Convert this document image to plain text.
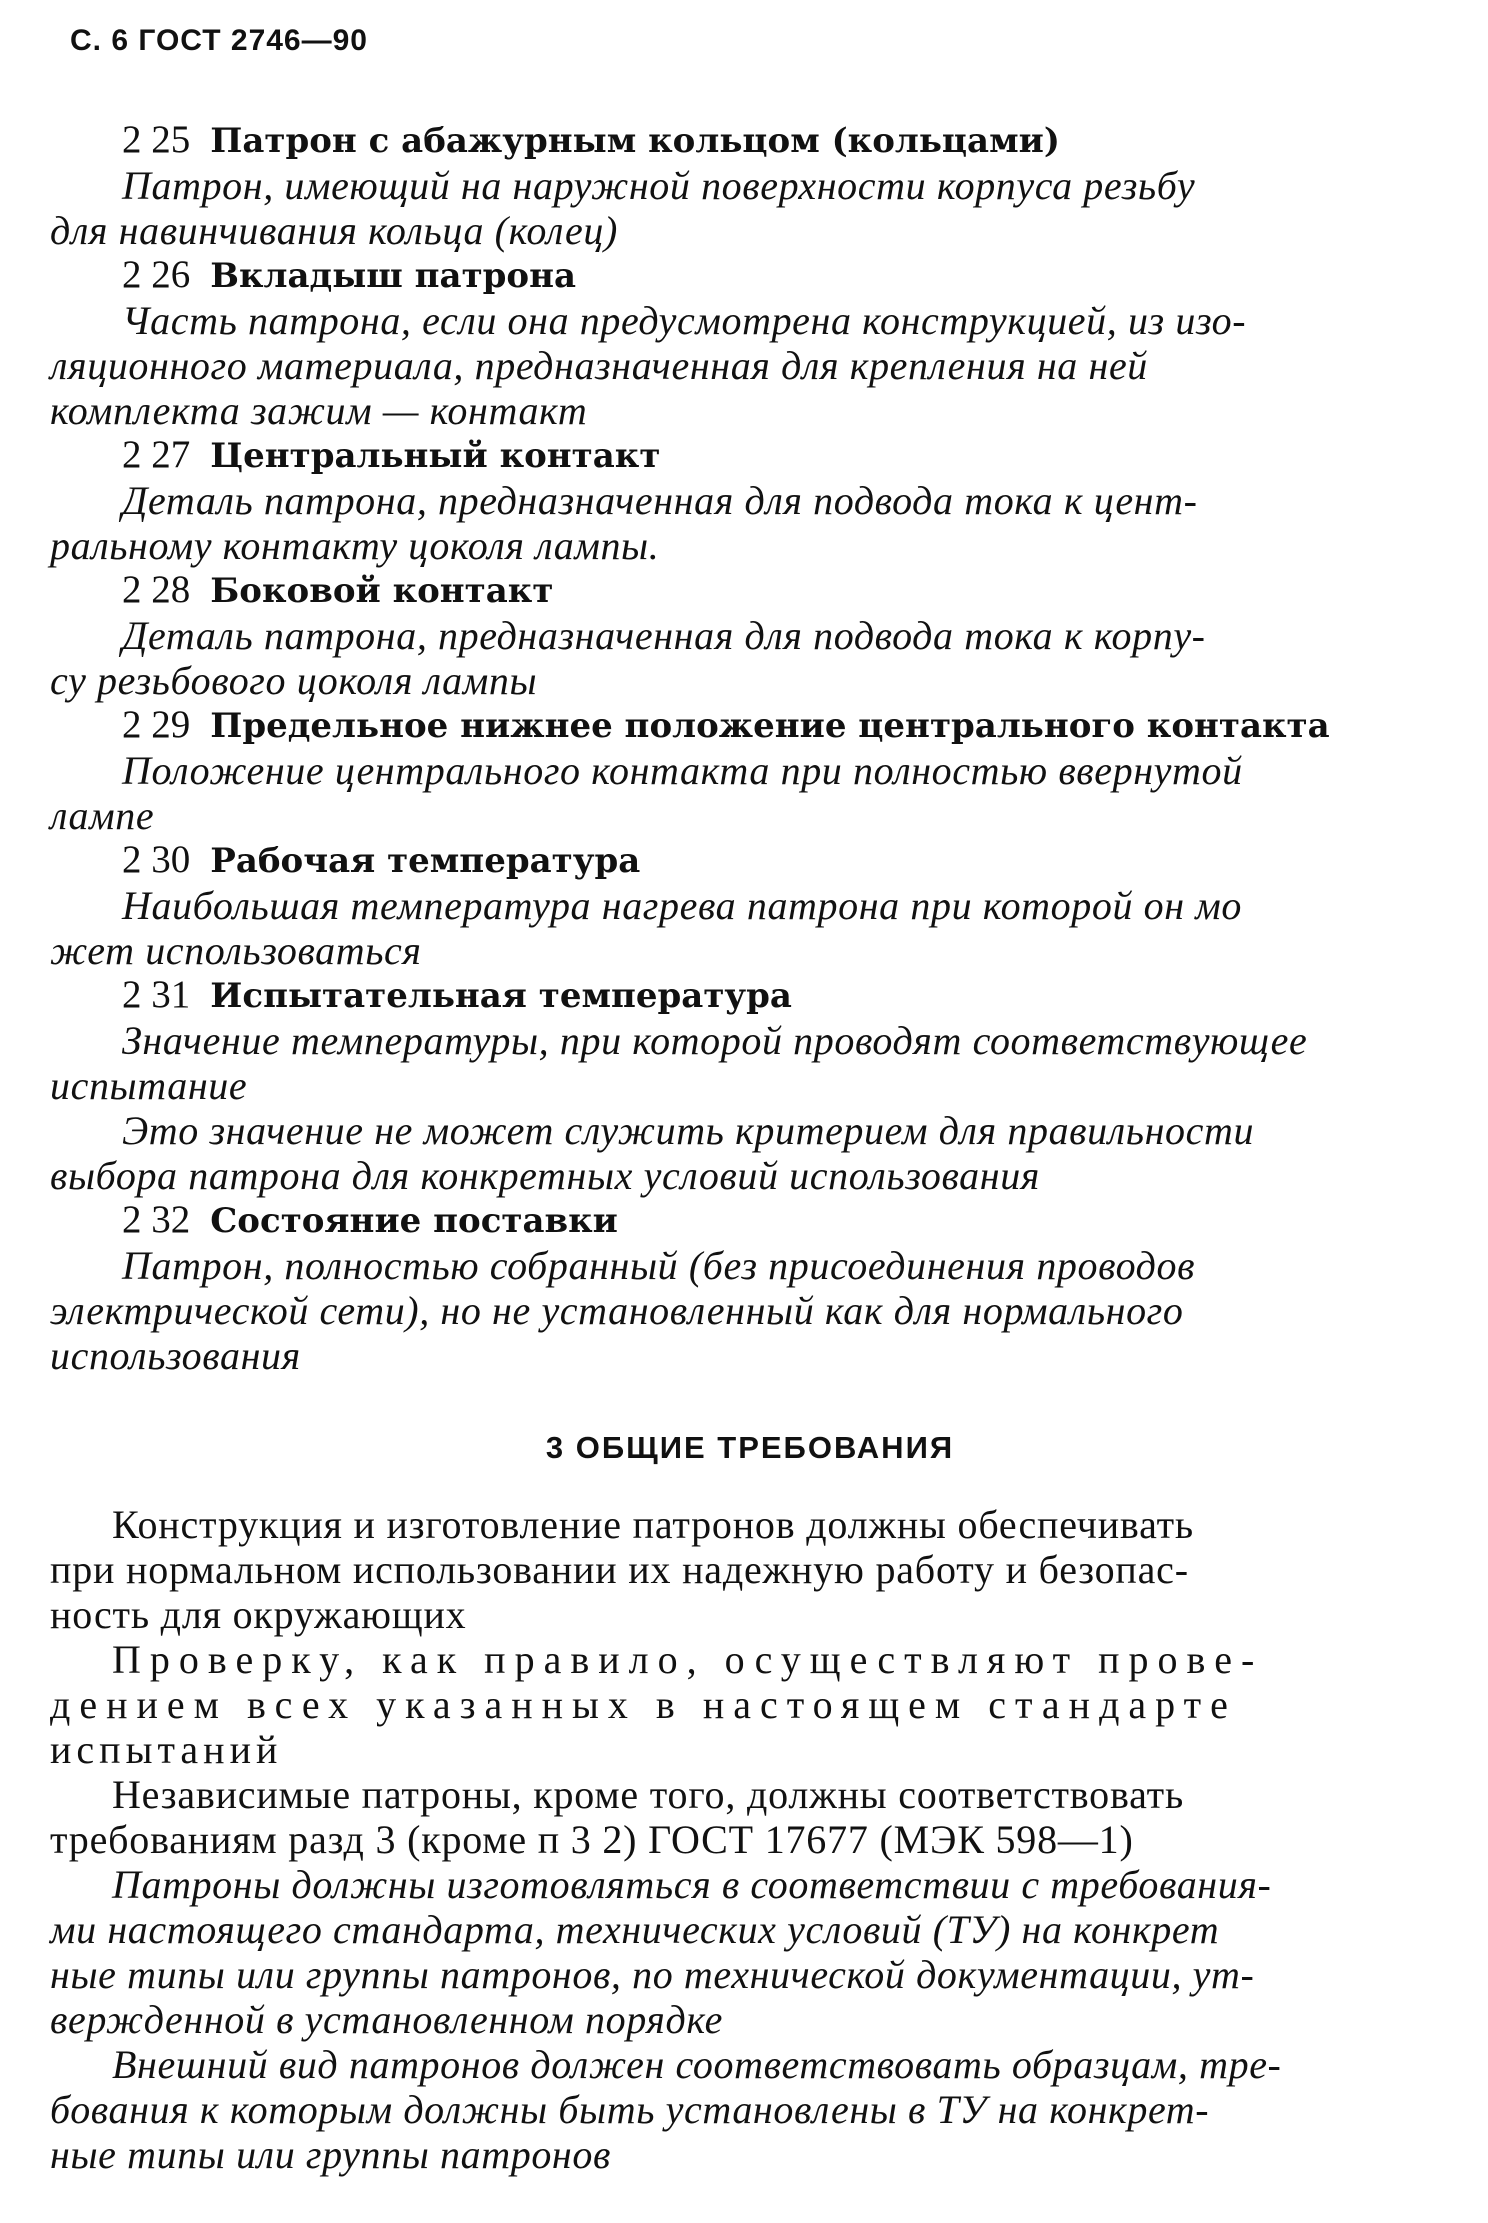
С. 6 ГОСТ 2746—90
2 25 Патрон с абажурным кольцом (кольцами)
Патрон, имеющий на наружной поверхности корпуса резьбу
для навинчивания кольца (колец)
2 26 Вкладыш патрона
Часть патрона, если она предусмотрена конструкцией, из изо-
ляционного материала, предназначенная для крепления на ней
комплекта зажим — контакт
2 27 Центральный контакт
Деталь патрона, предназначенная для подвода тока к цент-
ральному контакту цоколя лампы.
2 28 Боковой контакт
Деталь патрона, предназначенная для подвода тока к корпу-
су резьбового цоколя лампы
2 29 Предельное нижнее положение центрального контакта
Положение центрального контакта при полностью ввернутой
лампе
2 30 Рабочая температура
Наибольшая температура нагрева патрона при которой он мо
жет использоваться
2 31 Испытательная температура
Значение температуры, при которой проводят соответствующее
испытание
Это значение не может служить критерием для правильности
выбора патрона для конкретных условий использования
2 32 Состояние поставки
Патрон, полностью собранный (без присоединения проводов
электрической сети), но не установленный как для нормального
использования
3 ОБЩИЕ ТРЕБОВАНИЯ
Конструкция и изготовление патронов должны обеспечивать
при нормальном использовании их надежную работу и безопас-
ность для окружающих
Проверку, как правило, осуществляют прове-
дением всех указанных в настоящем стандарте
испытаний
Независимые патроны, кроме того, должны соответствовать
требованиям разд 3 (кроме п 3 2) ГОСТ 17677 (МЭК 598—1)
Патроны должны изготовляться в соответствии с требования-
ми настоящего стандарта, технических условий (ТУ) на конкрет
ные типы или группы патронов, по технической документации, ут-
вержденной в установленном порядке
Внешний вид патронов должен соответствовать образцам, тре-
бования к которым должны быть установлены в ТУ на конкрет-
ные типы или группы патронов
